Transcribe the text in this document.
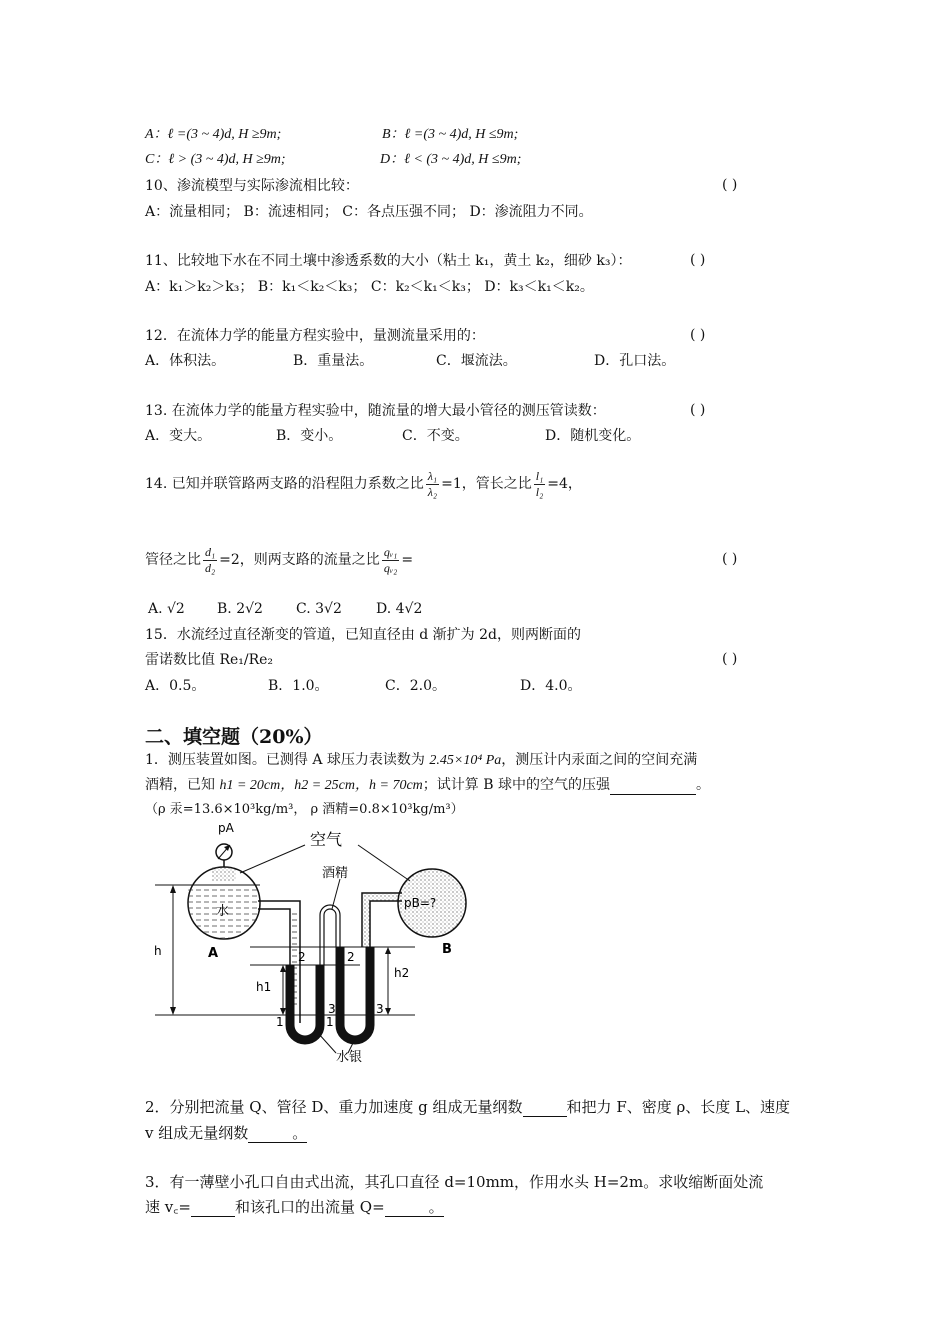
A：ℓ =(3 ~ 4)d, H ≥9m;	B：ℓ =(3 ~ 4)d, H ≤9m;
C：ℓ > (3 ~ 4)d, H ≥9m;	D：ℓ < (3 ~ 4)d, H ≤9m;
10、渗流模型与实际渗流相比较：	( )
A：流量相同； B：流速相同； C：各点压强不同； D：渗流阻力不同。
11、比较地下水在不同土壤中渗透系数的大小（粘土 k₁，黄土 k₂，细砂 k₃）：	( )
A：k₁＞k₂＞k₃； B：k₁＜k₂＜k₃； C：k₂＜k₁＜k₃； D：k₃＜k₁＜k₂。
12．在流体力学的能量方程实验中，量测流量采用的：	( )
A．体积法。	B．重量法。	C．堰流法。	D．孔口法。
13. 在流体力学的能量方程实验中，随流量的增大最小管径的测压管读数：	( )
A．变大。	B．变小。	C．不变。	D．随机变化。
14. 已知并联管路两支路的沿程阻力系数之比 $\frac{\text{λ₁}}{\text{λ₂}} =1$，管长之比 $\frac{\text{l₁}}{\text{l₂}} =4$，
管径之比 $\frac{\text{d₁}}{\text{d₂}} =2$，则两支路的流量之比 $\frac{\text{qᵥ₁}}{\text{qᵥ₂}}$ =	( )
A. √2 B. 2√2 C. 3√2 D. 4√2
15．水流经过直径渐变的管道，已知直径由 d 渐扩为 2d，则两断面的
雷诺数比值 Re₁/Re₂	( )
A．0.5。	B．1.0。	C．2.0。	D．4.0。
二、填空题（20%）
1．测压装置如图。已测得 A 球压力表读数为 2.45×10⁴ Pa，测压计内汞面之间的空间充满
酒精，已知 h1 = 20cm，h2 = 25cm，h = 70cm；试计算 B 球中的空气的压强	。
（ρ 汞=13.6×10³kg/m³， ρ 酒精=0.8×10³kg/m³）
pA
空气
酒精
水
pB=?
A	B
h
h1
h2
2	2
3	3
1	1
水银
2．分别把流量 Q、管径 D、重力加速度 g 组成无量纲数	和把力 F、密度 ρ、长度 L、速度
v 组成无量纲数	。
3．有一薄壁小孔口自由式出流，其孔口直径 d=10mm，作用水头 H=2m。求收缩断面处流
速 v꜀=	和该孔口的出流量 Q=	。
